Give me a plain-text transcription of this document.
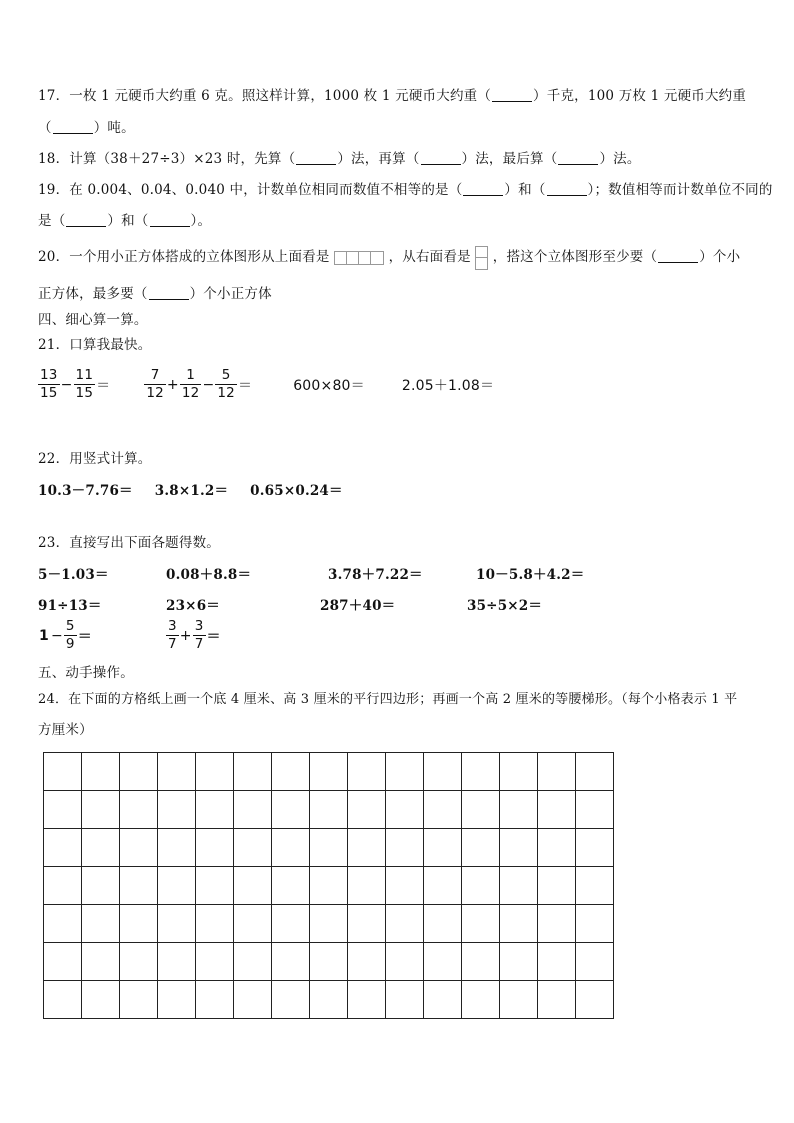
17．一枚 1 元硬币大约重 6 克。照这样计算，1000 枚 1 元硬币大约重（	）千克，100 万枚 1 元硬币大约重
（	）吨。
18．计算（38＋27÷3）×23 时，先算（	）法，再算（	）法，最后算（	）法。
19．在 0.004、0.04、0.040 中，计数单位相同而数值不相等的是（	）和（	）；数值相等而计数单位不同的
是（	）和（	）。
20．一个用小正方体搭成的立体图形从上面看是	，从右面看是 ，搭这个立体图形至少要（	）个小
正方体，最多要（	）个小正方体
四、细心算一算。
21．口算我最快。
$\frac{13}{15} - \frac{11}{15}$ ＝	$\frac{7}{12} + \frac{1}{12} - \frac{5}{12}$ ＝	600×80＝	2.05＋1.08＝
22．用竖式计算。
10.3－7.76＝ 3.8×1.2＝ 0.65×0.24＝
23．直接写出下面各题得数。
5－1.03＝	0.08＋8.8＝	3.78＋7.22＝	10－5.8＋4.2＝
91÷13＝	23×6＝	287＋40＝	35÷5×2＝
$1 - \frac{5}{9}$ ＝	$\frac{3}{7} + \frac{3}{7}$ ＝
五、动手操作。
24．在下面的方格纸上画一个底 4 厘米、高 3 厘米的平行四边形；再画一个高 2 厘米的等腰梯形。（每个小格表示 1 平
方厘米）
